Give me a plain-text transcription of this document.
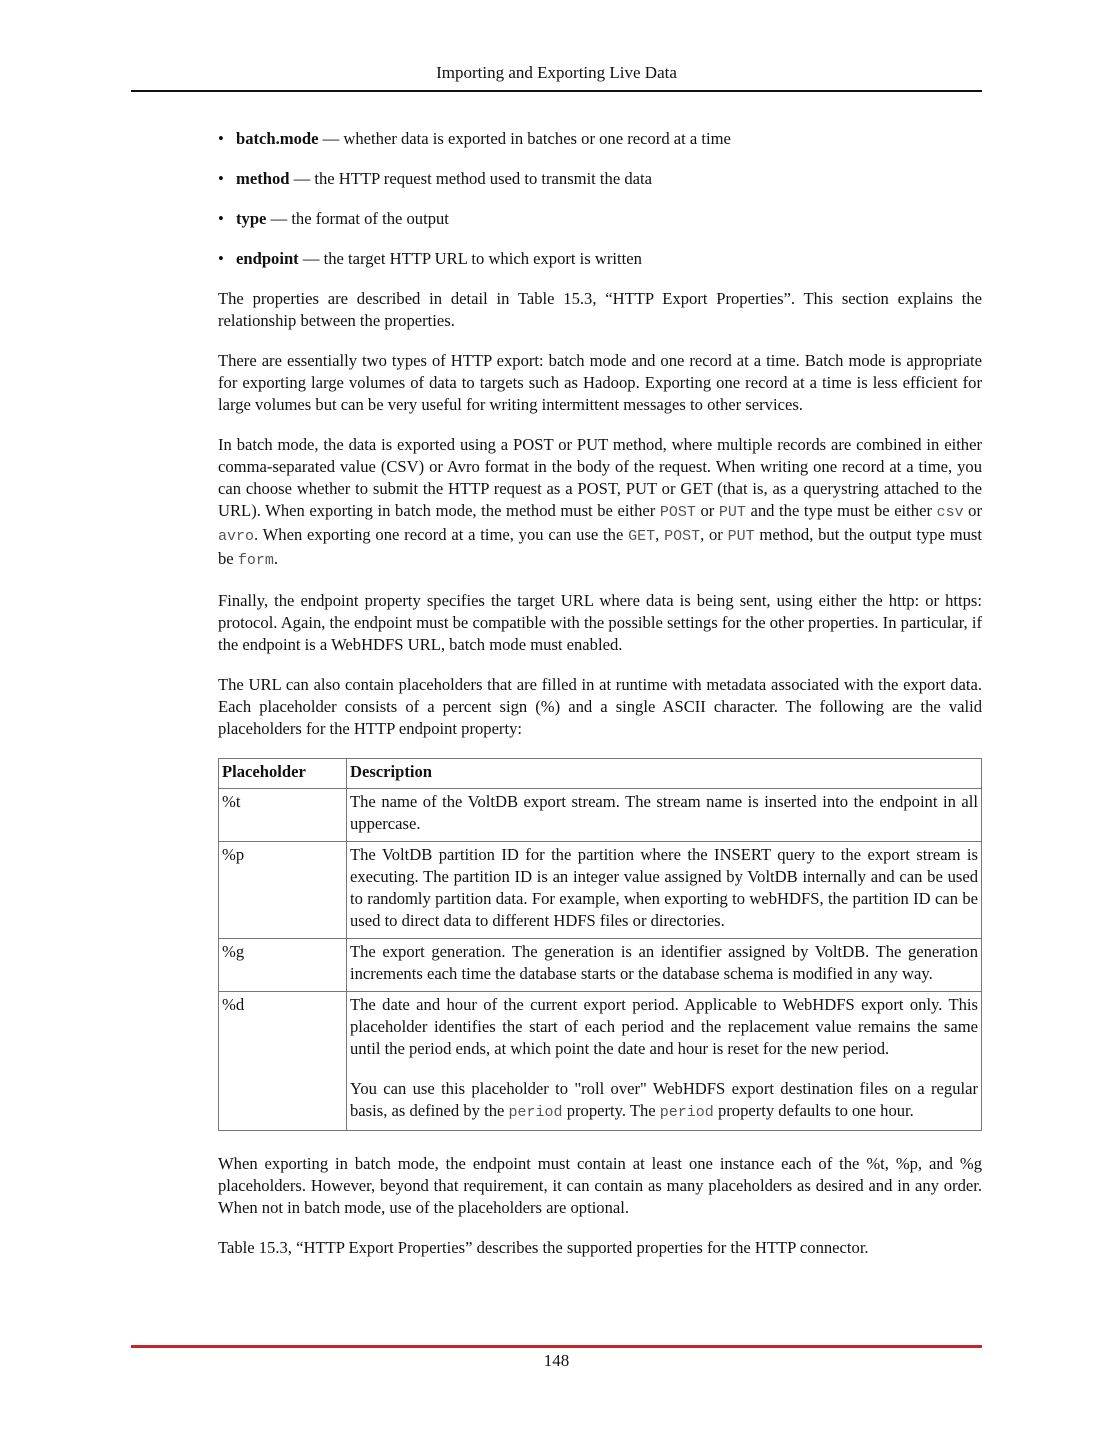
Importing and Exporting Live Data
• batch.mode — whether data is exported in batches or one record at a time
• method — the HTTP request method used to transmit the data
• type — the format of the output
• endpoint — the target HTTP URL to which export is written

The properties are described in detail in Table 15.3, “HTTP Export Properties”. This section explains the relationship between the properties.

There are essentially two types of HTTP export: batch mode and one record at a time. Batch mode is appropriate for exporting large volumes of data to targets such as Hadoop. Exporting one record at a time is less efficient for large volumes but can be very useful for writing intermittent messages to other services.

In batch mode, the data is exported using a POST or PUT method, where multiple records are combined in either comma-separated value (CSV) or Avro format in the body of the request. When writing one record at a time, you can choose whether to submit the HTTP request as a POST, PUT or GET (that is, as a querystring attached to the URL). When exporting in batch mode, the method must be either POST or PUT and the type must be either csv or avro. When exporting one record at a time, you can use the GET, POST, or PUT method, but the output type must be form.

Finally, the endpoint property specifies the target URL where data is being sent, using either the http: or https: protocol. Again, the endpoint must be compatible with the possible settings for the other properties. In particular, if the endpoint is a WebHDFS URL, batch mode must enabled.

The URL can also contain placeholders that are filled in at runtime with metadata associated with the export data. Each placeholder consists of a percent sign (%) and a single ASCII character. The following are the valid placeholders for the HTTP endpoint property:

Placeholder	Description
%t	The name of the VoltDB export stream. The stream name is inserted into the endpoint in all uppercase.
%p	The VoltDB partition ID for the partition where the INSERT query to the export stream is executing. The partition ID is an integer value assigned by VoltDB internally and can be used to randomly partition data. For example, when exporting to webHDFS, the partition ID can be used to direct data to different HDFS files or directories.
%g	The export generation. The generation is an identifier assigned by VoltDB. The generation increments each time the database starts or the database schema is modified in any way.
%d	The date and hour of the current export period. Applicable to WebHDFS export only. This placeholder identifies the start of each period and the replacement value remains the same until the period ends, at which point the date and hour is reset for the new period.

You can use this placeholder to "roll over" WebHDFS export destination files on a regular basis, as defined by the period property. The period property defaults to one hour.

When exporting in batch mode, the endpoint must contain at least one instance each of the %t, %p, and %g placeholders. However, beyond that requirement, it can contain as many placeholders as desired and in any order. When not in batch mode, use of the placeholders are optional.

Table 15.3, “HTTP Export Properties” describes the supported properties for the HTTP connector.

148
